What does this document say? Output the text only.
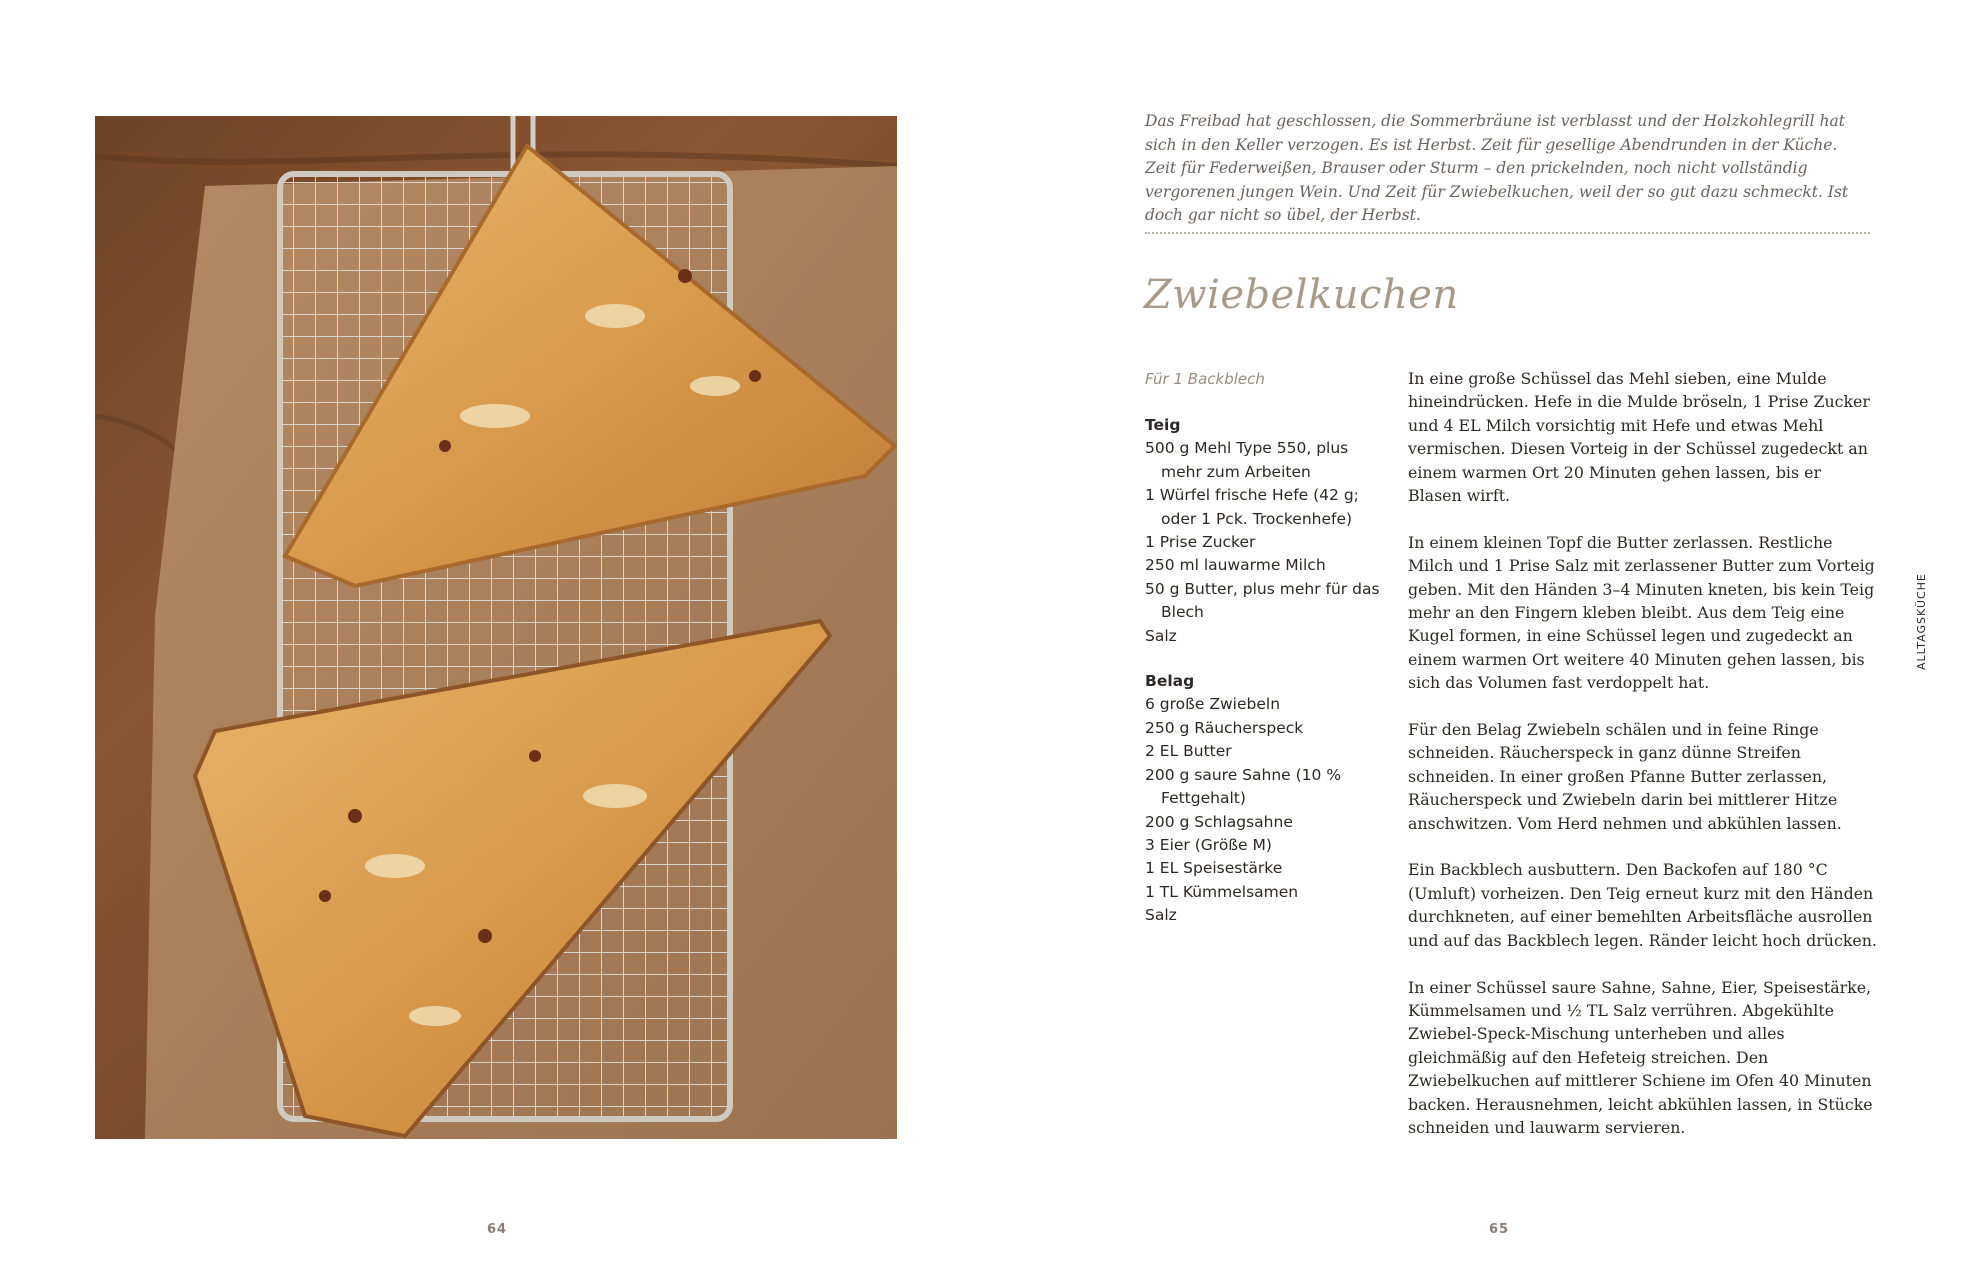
64

Das Freibad hat geschlossen, die Sommerbräune ist verblasst und der Holzkohlegrill hat sich in den Keller verzogen. Es ist Herbst. Zeit für gesellige Abendrunden in der Küche. Zeit für Federweißen, Brauser oder Sturm – den prickelnden, noch nicht vollständig vergorenen jungen Wein. Und Zeit für Zwiebelkuchen, weil der so gut dazu schmeckt. Ist doch gar nicht so übel, der Herbst.

Zwiebelkuchen
Für 1 Backblech

Teig

500 g Mehl Type 550, plus mehr zum Arbeiten
1 Würfel frische Hefe (42 g; oder 1 Pck. Trockenhefe)
1 Prise Zucker
250 ml lauwarme Milch
50 g Butter, plus mehr für das Blech
Salz

Belag

6 große Zwiebeln
250 g Räucherspeck
2 EL Butter
200 g saure Sahne (10 % Fettgehalt)
200 g Schlagsahne
3 Eier (Größe M)
1 EL Speisestärke
1 TL Kümmelsamen
Salz

In eine große Schüssel das Mehl sieben, eine Mulde hineindrücken. Hefe in die Mulde bröseln, 1 Prise Zucker und 4 EL Milch vorsichtig mit Hefe und etwas Mehl vermischen. Diesen Vorteig in der Schüssel zugedeckt an einem warmen Ort 20 Minuten gehen lassen, bis er Blasen wirft.

In einem kleinen Topf die Butter zerlassen. Restliche Milch und 1 Prise Salz mit zerlassener Butter zum Vorteig geben. Mit den Händen 3–4 Minuten kneten, bis kein Teig mehr an den Fingern kleben bleibt. Aus dem Teig eine Kugel formen, in eine Schüssel legen und zugedeckt an einem warmen Ort weitere 40 Minuten gehen lassen, bis sich das Volumen fast verdoppelt hat.

Für den Belag Zwiebeln schälen und in feine Ringe schneiden. Räucherspeck in ganz dünne Streifen schneiden. In einer großen Pfanne Butter zerlassen, Räucherspeck und Zwiebeln darin bei mittlerer Hitze anschwitzen. Vom Herd nehmen und abkühlen lassen.

Ein Backblech ausbuttern. Den Backofen auf 180 °C (Umluft) vorheizen. Den Teig erneut kurz mit den Händen durchkneten, auf einer bemehlten Arbeitsfläche ausrollen und auf das Backblech legen. Ränder leicht hoch drücken.

In einer Schüssel saure Sahne, Sahne, Eier, Speisestärke, Kümmelsamen und ½ TL Salz verrühren. Abgekühlte Zwiebel-Speck-Mischung unterheben und alles gleichmäßig auf den Hefeteig streichen. Den Zwiebelkuchen auf mittlerer Schiene im Ofen 40 Minuten backen. Herausnehmen, leicht abkühlen lassen, in Stücke schneiden und lauwarm servieren.

ALLTAGSKÜCHE
65
